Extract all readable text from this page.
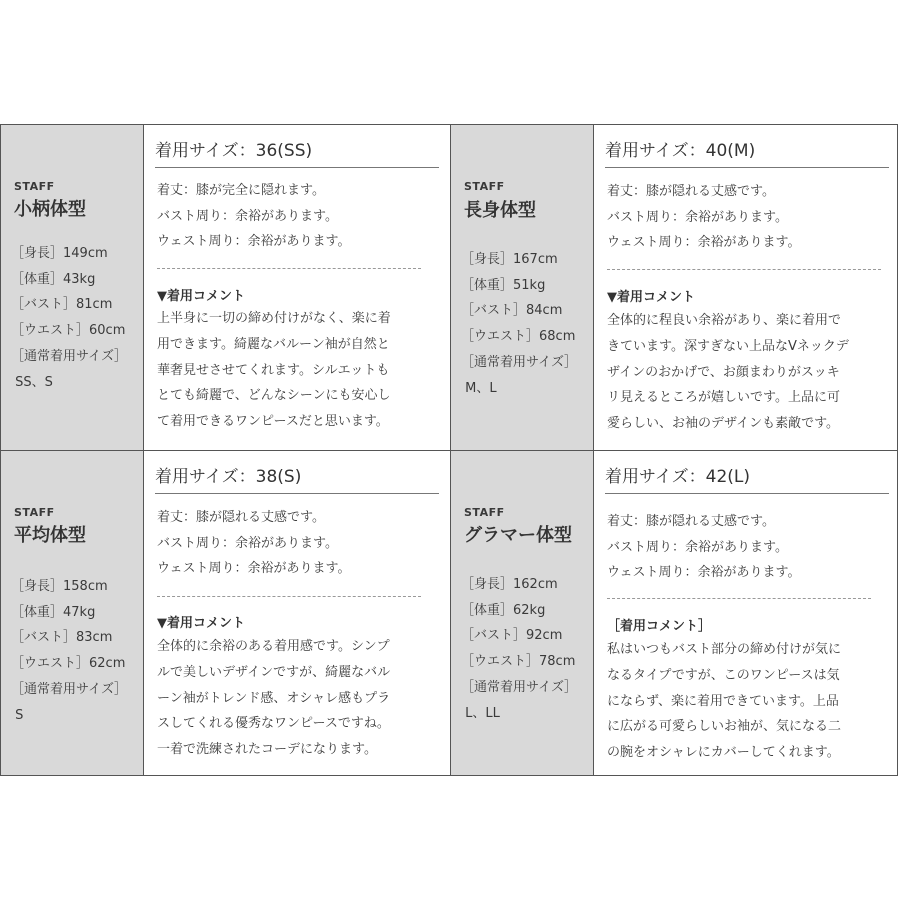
STAFF
小柄体型
［身長］149cm
［体重］43kg
［バスト］81cm
［ウエスト］60cm
［通常着用サイズ］
SS、S
着用サイズ：36(SS)
着丈：膝が完全に隠れます。
バスト周り：余裕があります。
ウェスト周り：余裕があります。
▼着用コメント
上半身に一切の締め付けがなく、楽に着
用できます。綺麗なバルーン袖が自然と
華奢見せさせてくれます。シルエットも
とても綺麗で、どんなシーンにも安心し
て着用できるワンピースだと思います。
STAFF
長身体型
［身長］167cm
［体重］51kg
［バスト］84cm
［ウエスト］68cm
［通常着用サイズ］
M、L
着用サイズ：40(M)
着丈：膝が隠れる丈感です。
バスト周り：余裕があります。
ウェスト周り：余裕があります。
▼着用コメント
全体的に程良い余裕があり、楽に着用で
きています。深すぎない上品なVネックデ
ザインのおかげで、お顔まわりがスッキ
リ見えるところが嬉しいです。上品に可
愛らしい、お袖のデザインも素敵です。
STAFF
平均体型
［身長］158cm
［体重］47kg
［バスト］83cm
［ウエスト］62cm
［通常着用サイズ］
S
着用サイズ：38(S)
着丈：膝が隠れる丈感です。
バスト周り：余裕があります。
ウェスト周り：余裕があります。
▼着用コメント
全体的に余裕のある着用感です。シンプ
ルで美しいデザインですが、綺麗なバル
ーン袖がトレンド感、オシャレ感もプラ
スしてくれる優秀なワンピースですね。
一着で洗練されたコーデになります。
STAFF
グラマー体型
［身長］162cm
［体重］62kg
［バスト］92cm
［ウエスト］78cm
［通常着用サイズ］
L、LL
着用サイズ：42(L)
着丈：膝が隠れる丈感です。
バスト周り：余裕があります。
ウェスト周り：余裕があります。
［着用コメント］
私はいつもバスト部分の締め付けが気に
なるタイプですが、このワンピースは気
にならず、楽に着用できています。上品
に広がる可愛らしいお袖が、気になる二
の腕をオシャレにカバーしてくれます。
